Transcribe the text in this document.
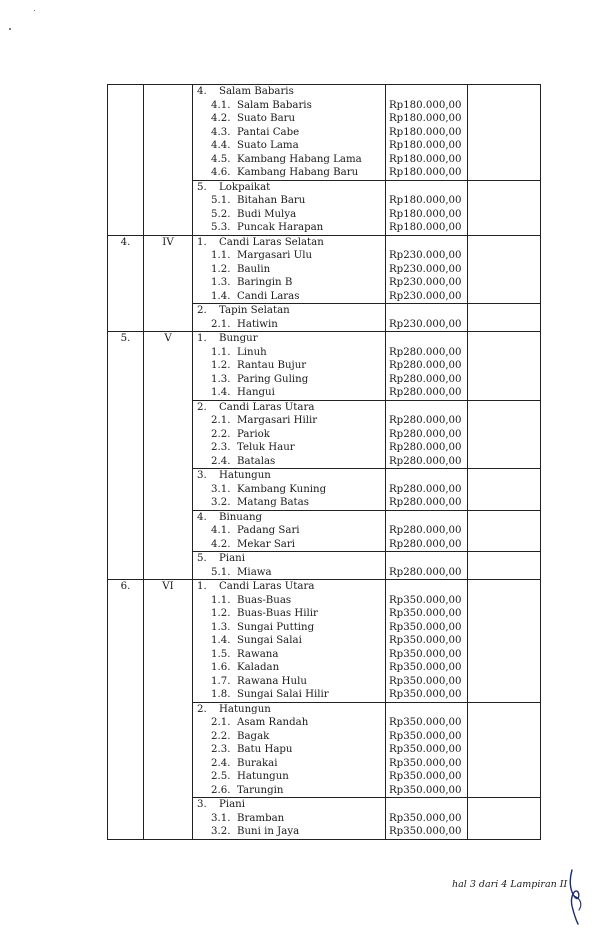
		4. Salam Babaris		
		4.1. Salam Babaris	Rp180.000,00	
		4.2. Suato Baru	Rp180.000,00	
		4.3. Pantai Cabe	Rp180.000,00	
		4.4. Suato Lama	Rp180.000,00	
		4.5. Kambang Habang Lama	Rp180.000,00	
		4.6. Kambang Habang Baru	Rp180.000,00	
		5. Lokpaikat		
		5.1. Bitahan Baru	Rp180.000,00	
		5.2. Budi Mulya	Rp180.000,00	
		5.3. Puncak Harapan	Rp180.000,00	
4.	IV	1. Candi Laras Selatan		
		1.1. Margasari Ulu	Rp230.000,00	
		1.2. Baulin	Rp230.000,00	
		1.3. Baringin B	Rp230.000,00	
		1.4. Candi Laras	Rp230.000,00	
		2. Tapin Selatan		
		2.1. Hatiwin	Rp230.000,00	
5.	V	1. Bungur		
		1.1. Linuh	Rp280.000,00	
		1.2. Rantau Bujur	Rp280.000,00	
		1.3. Paring Guling	Rp280.000,00	
		1.4. Hangui	Rp280.000,00	
		2. Candi Laras Utara		
		2.1. Margasari Hilir	Rp280.000,00	
		2.2. Pariok	Rp280.000,00	
		2.3. Teluk Haur	Rp280.000,00	
		2.4. Batalas	Rp280.000,00	
		3. Hatungun		
		3.1. Kambang Kuning	Rp280.000,00	
		3.2. Matang Batas	Rp280.000,00	
		4. Binuang		
		4.1. Padang Sari	Rp280.000,00	
		4.2. Mekar Sari	Rp280.000,00	
		5. Piani		
		5.1. Miawa	Rp280.000,00	
6.	VI	1. Candi Laras Utara		
		1.1. Buas-Buas	Rp350.000,00	
		1.2. Buas-Buas Hilir	Rp350.000,00	
		1.3. Sungai Putting	Rp350.000,00	
		1.4. Sungai Salai	Rp350.000,00	
		1.5. Rawana	Rp350.000,00	
		1.6. Kaladan	Rp350.000,00	
		1.7. Rawana Hulu	Rp350.000,00	
		1.8. Sungai Salai Hilir	Rp350.000,00	
		2. Hatungun		
		2.1. Asam Randah	Rp350.000,00	
		2.2. Bagak	Rp350.000,00	
		2.3. Batu Hapu	Rp350.000,00	
		2.4. Burakai	Rp350.000,00	
		2.5. Hatungun	Rp350.000,00	
		2.6. Tarungin	Rp350.000,00	
		3. Piani		
		3.1. Bramban	Rp350.000,00	
		3.2. Buni in Jaya	Rp350.000,00	
hal 3 dari 4 Lampiran II
